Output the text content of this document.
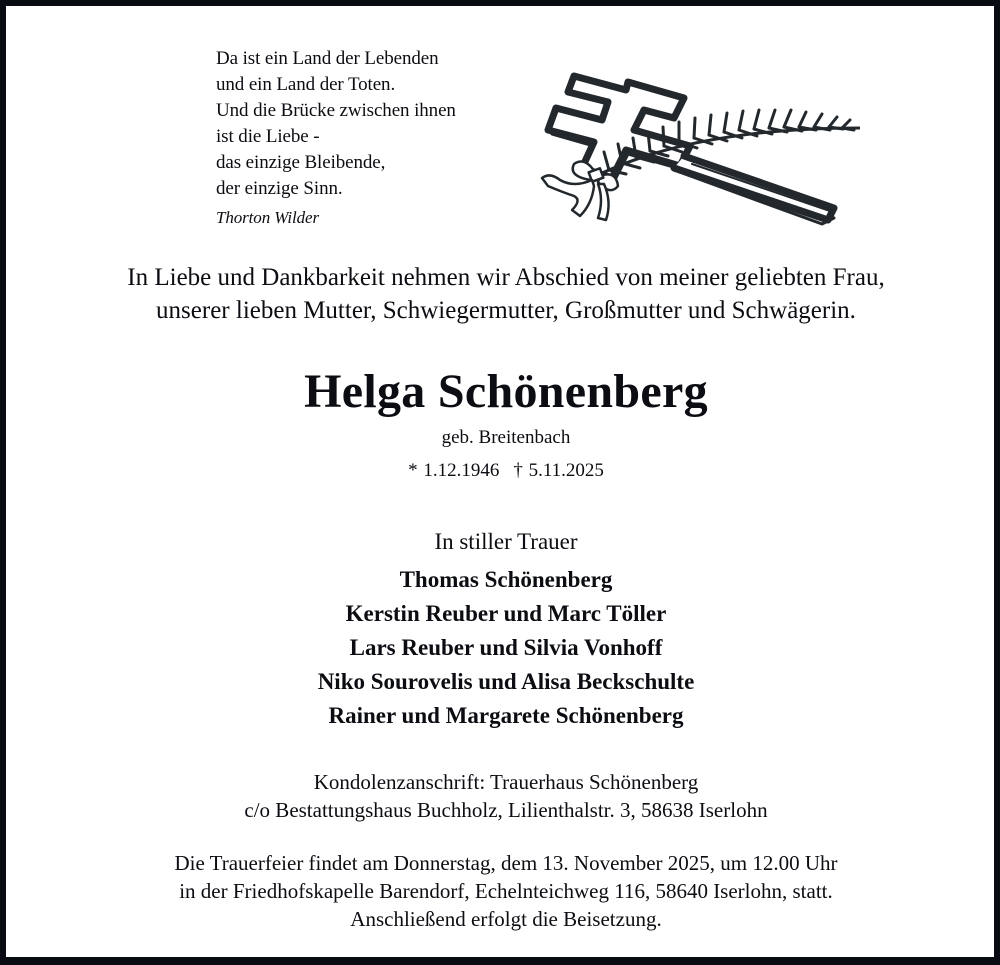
Da ist ein Land der Lebenden
und ein Land der Toten.
Und die Brücke zwischen ihnen
ist die Liebe -
das einzige Bleibende,
der einzige Sinn.
Thorton Wilder
In Liebe und Dankbarkeit nehmen wir Abschied von meiner geliebten Frau,
unserer lieben Mutter, Schwiegermutter, Großmutter und Schwägerin.
Helga Schönenberg
geb. Breitenbach
* 1.12.1946 † 5.11.2025
In stiller Trauer
Thomas Schönenberg
Kerstin Reuber und Marc Töller
Lars Reuber und Silvia Vonhoff
Niko Sourovelis und Alisa Beckschulte
Rainer und Margarete Schönenberg
Kondolenzanschrift: Trauerhaus Schönenberg
c/o Bestattungshaus Buchholz, Lilienthalstr. 3, 58638 Iserlohn
Die Trauerfeier findet am Donnerstag, dem 13. November 2025, um 12.00 Uhr
in der Friedhofskapelle Barendorf, Echelnteichweg 116, 58640 Iserlohn, statt.
Anschließend erfolgt die Beisetzung.
